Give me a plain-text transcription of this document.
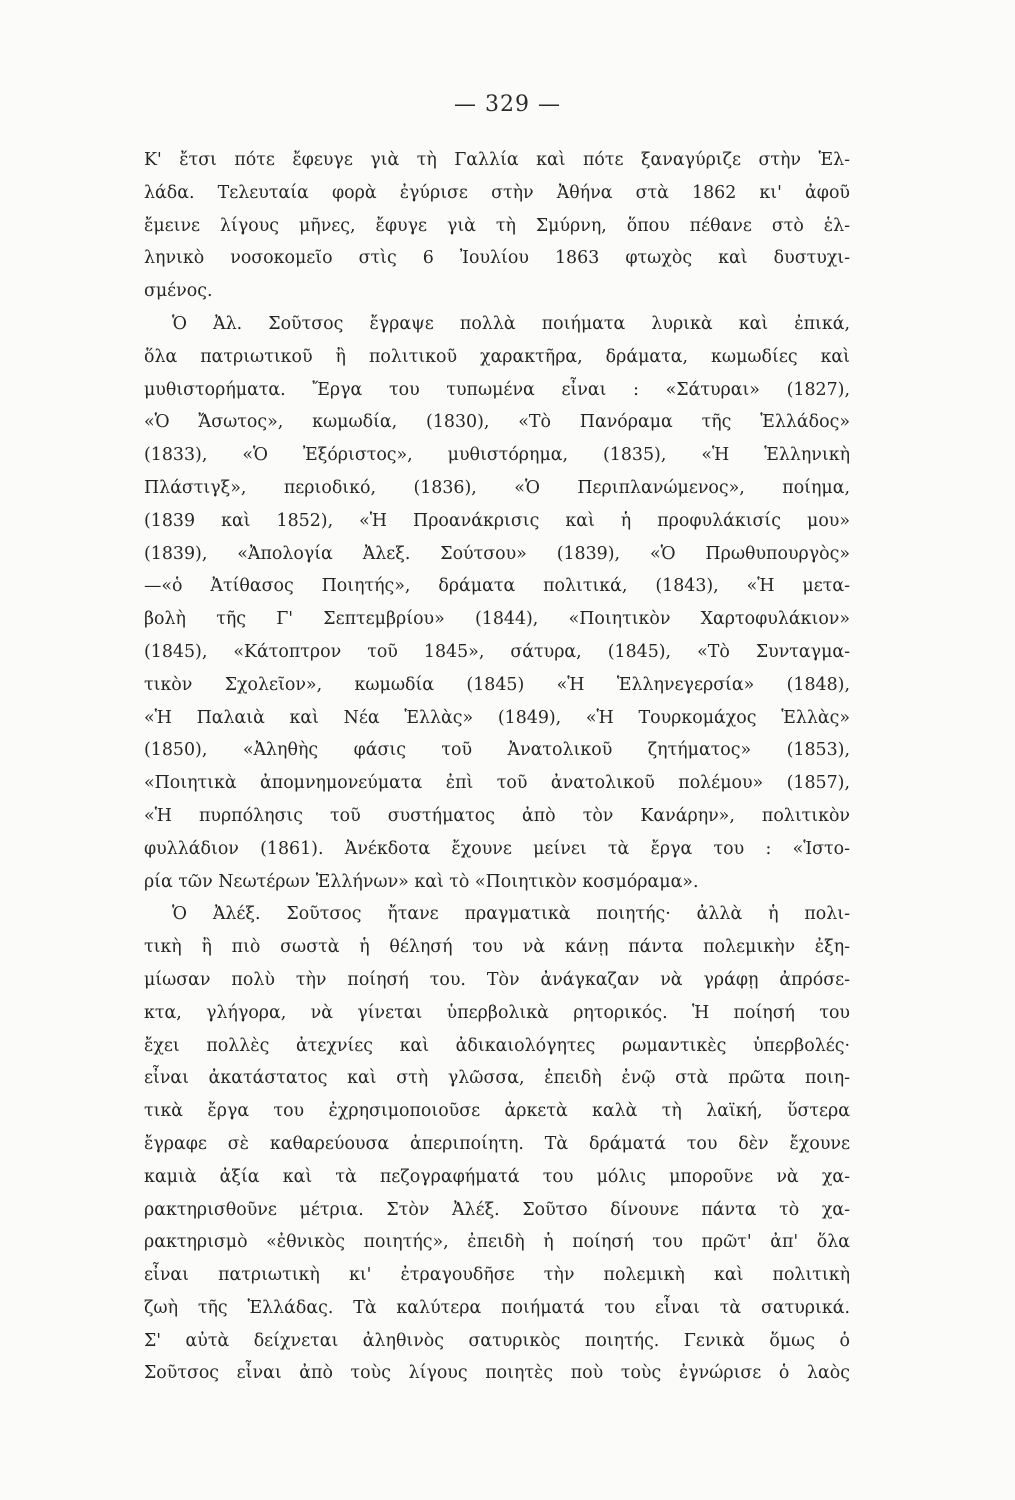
— 329 —
Κ' ἔτσι πότε ἔφευγε γιὰ τὴ Γαλλία καὶ πότε ξαναγύριζε στὴν Ἑλ-
λάδα. Τελευταία φορὰ ἐγύρισε στὴν Ἀθήνα στὰ 1862 κι' ἀφοῦ
ἔμεινε λίγους μῆνες, ἔφυγε γιὰ τὴ Σμύρνη, ὅπου πέθανε στὸ ἑλ-
ληνικὸ νοσοκομεῖο στὶς 6 Ἰουλίου 1863 φτωχὸς καὶ δυστυχι-
σμένος.
Ὁ Ἀλ. Σοῦτσος ἔγραψε πολλὰ ποιήματα λυρικὰ καὶ ἐπικά,
ὅλα πατριωτικοῦ ἢ πολιτικοῦ χαρακτῆρα, δράματα, κωμωδίες καὶ
μυθιστορήματα. Ἔργα του τυπωμένα εἶναι : «Σάτυραι» (1827),
«Ὁ Ἄσωτος», κωμωδία, (1830), «Τὸ Πανόραμα τῆς Ἑλλάδος»
(1833), «Ὁ Ἐξόριστος», μυθιστόρημα, (1835), «Ἡ Ἑλληνικὴ
Πλάστιγξ», περιοδικό, (1836), «Ὁ Περιπλανώμενος», ποίημα,
(1839 καὶ 1852), «Ἡ Προανάκρισις καὶ ἡ προφυλάκισίς μου»
(1839), «Ἀπολογία Ἀλεξ. Σούτσου» (1839), «Ὁ Πρωθυπουργὸς»
—«ὁ Ἀτίθασος Ποιητής», δράματα πολιτικά, (1843), «Ἡ μετα-
βολὴ τῆς Γ' Σεπτεμβρίου» (1844), «Ποιητικὸν Χαρτοφυλάκιον»
(1845), «Κάτοπτρον τοῦ 1845», σάτυρα, (1845), «Τὸ Συνταγμα-
τικὸν Σχολεῖον», κωμωδία (1845) «Ἡ Ἑλληνεγερσία» (1848),
«Ἡ Παλαιὰ καὶ Νέα Ἑλλὰς» (1849), «Ἡ Τουρκομάχος Ἑλλὰς»
(1850), «Ἀληθὴς φάσις τοῦ Ἀνατολικοῦ ζητήματος» (1853),
«Ποιητικὰ ἀπομνημονεύματα ἐπὶ τοῦ ἀνατολικοῦ πολέμου» (1857),
«Ἡ πυρπόλησις τοῦ συστήματος ἀπὸ τὸν Κανάρην», πολιτικὸν
φυλλάδιον (1861). Ἀνέκδοτα ἔχουνε μείνει τὰ ἔργα του : «Ἱστο-
ρία τῶν Νεωτέρων Ἑλλήνων» καὶ τὸ «Ποιητικὸν κοσμόραμα».
Ὁ Ἀλέξ. Σοῦτσος ἤτανε πραγματικὰ ποιητής· ἀλλὰ ἡ πολι-
τικὴ ἢ πιὸ σωστὰ ἡ θέλησή του νὰ κάνῃ πάντα πολεμικὴν ἐξη-
μίωσαν πολὺ τὴν ποίησή του. Τὸν ἀνάγκαζαν νὰ γράφῃ ἀπρόσε-
κτα, γλήγορα, νὰ γίνεται ὑπερβολικὰ ρητορικός. Ἡ ποίησή του
ἔχει πολλὲς ἀτεχνίες καὶ ἀδικαιολόγητες ρωμαντικὲς ὑπερβολές·
εἶναι ἀκατάστατος καὶ στὴ γλῶσσα, ἐπειδὴ ἐνῷ στὰ πρῶτα ποιη-
τικὰ ἔργα του ἐχρησιμοποιοῦσε ἀρκετὰ καλὰ τὴ λαϊκή, ὕστερα
ἔγραφε σὲ καθαρεύουσα ἀπεριποίητη. Τὰ δράματά του δὲν ἔχουνε
καμιὰ ἀξία καὶ τὰ πεζογραφήματά του μόλις μποροῦνε νὰ χα-
ρακτηρισθοῦνε μέτρια. Στὸν Ἀλέξ. Σοῦτσο δίνουνε πάντα τὸ χα-
ρακτηρισμὸ «ἐθνικὸς ποιητής», ἐπειδὴ ἡ ποίησή του πρῶτ' ἀπ' ὅλα
εἶναι πατριωτικὴ κι' ἐτραγουδῆσε τὴν πολεμικὴ καὶ πολιτικὴ
ζωὴ τῆς Ἑλλάδας. Τὰ καλύτερα ποιήματά του εἶναι τὰ σατυρικά.
Σ' αὐτὰ δείχνεται ἀληθινὸς σατυρικὸς ποιητής. Γενικὰ ὅμως ὁ
Σοῦτσος εἶναι ἀπὸ τοὺς λίγους ποιητὲς ποὺ τοὺς ἐγνώρισε ὁ λαὸς
